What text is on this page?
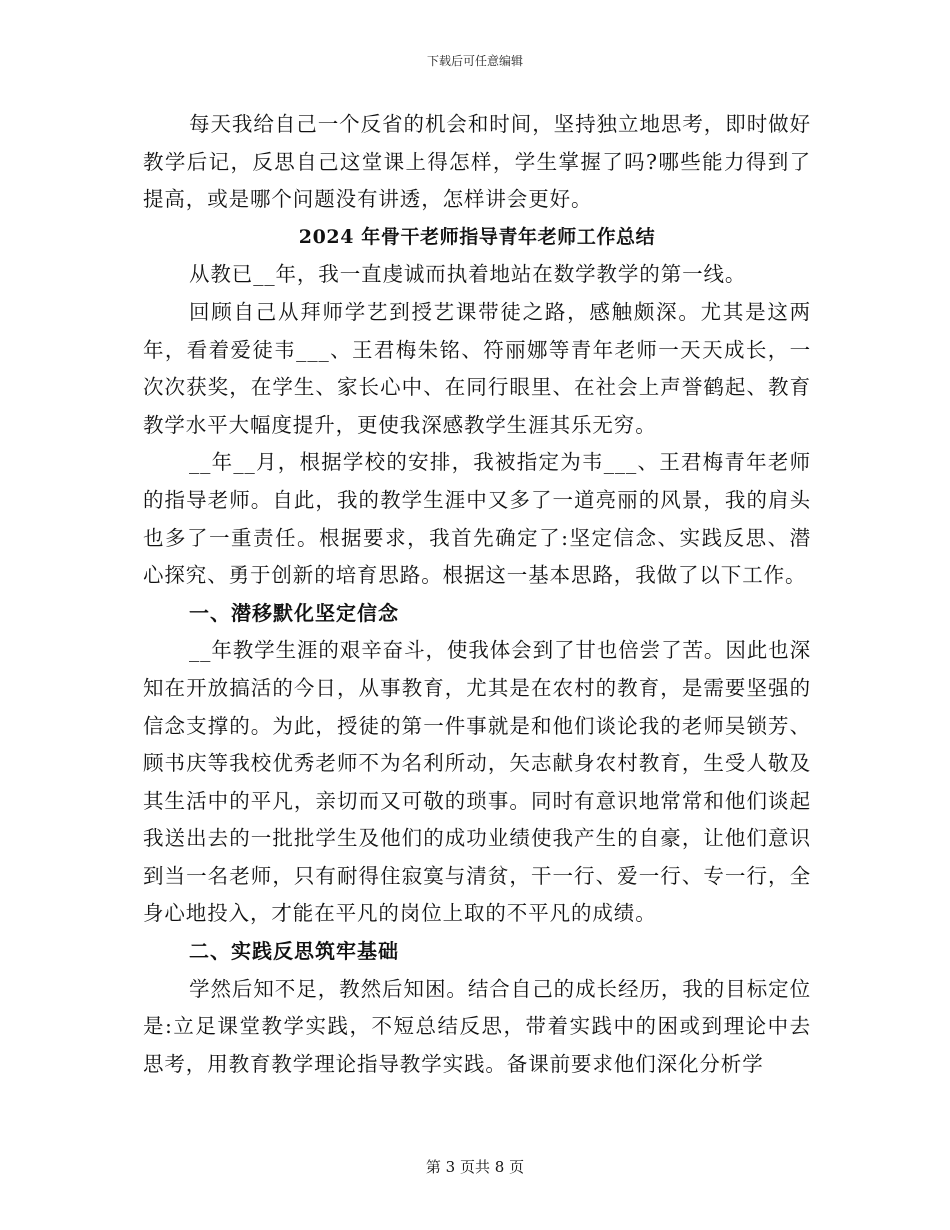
下载后可任意编辑

每天我给自己一个反省的机会和时间，坚持独立地思考，即时做好教学后记，反思自己这堂课上得怎样，学生掌握了吗?哪些能力得到了提高，或是哪个问题没有讲透，怎样讲会更好。

2024 年骨干老师指导青年老师工作总结

从教已__年，我一直虔诚而执着地站在数学教学的第一线。

回顾自己从拜师学艺到授艺课带徒之路，感触颇深。尤其是这两年，看着爱徒韦___、王君梅朱铭、符丽娜等青年老师一天天成长，一次次获奖，在学生、家长心中、在同行眼里、在社会上声誉鹤起、教育教学水平大幅度提升，更使我深感教学生涯其乐无穷。

__年__月，根据学校的安排，我被指定为韦___、王君梅青年老师的指导老师。自此，我的教学生涯中又多了一道亮丽的风景，我的肩头也多了一重责任。根据要求，我首先确定了:坚定信念、实践反思、潜心探究、勇于创新的培育思路。根据这一基本思路，我做了以下工作。

一、潜移默化坚定信念

__年教学生涯的艰辛奋斗，使我体会到了甘也倍尝了苦。因此也深知在开放搞活的今日，从事教育，尤其是在农村的教育，是需要坚强的信念支撑的。为此，授徒的第一件事就是和他们谈论我的老师吴锁芳、顾书庆等我校优秀老师不为名利所动，矢志献身农村教育，生受人敬及其生活中的平凡，亲切而又可敬的琐事。同时有意识地常常和他们谈起我送出去的一批批学生及他们的成功业绩使我产生的自豪，让他们意识到当一名老师，只有耐得住寂寞与清贫，干一行、爱一行、专一行，全身心地投入，才能在平凡的岗位上取的不平凡的成绩。

二、实践反思筑牢基础

学然后知不足，教然后知困。结合自己的成长经历，我的目标定位是:立足课堂教学实践，不短总结反思，带着实践中的困或到理论中去思考，用教育教学理论指导教学实践。备课前要求他们深化分析学

第 3 页共 8 页
